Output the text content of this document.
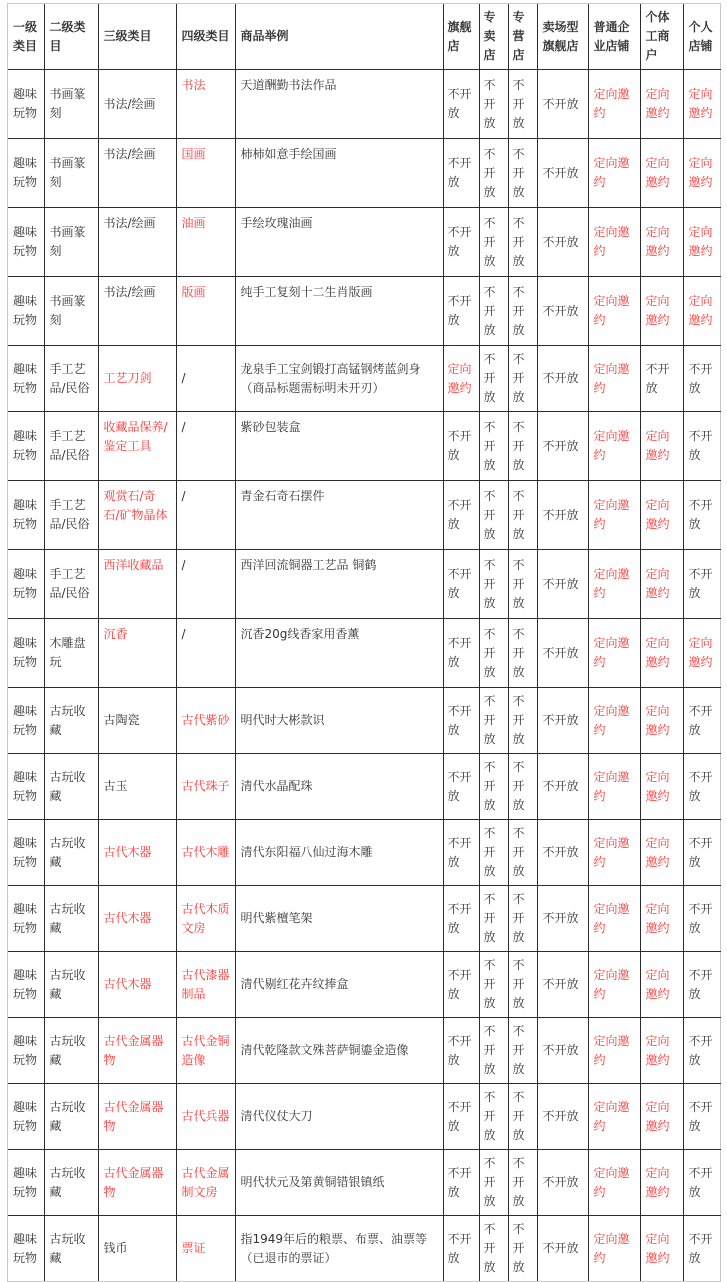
一级类目	二级类目	三级类目	四级类目	商品举例	旗舰店	专卖店	专营店	卖场型旗舰店	普通企业店铺	个体工商户	个人店铺
趣味玩物	书画篆刻	书法/绘画	书法	天道酬勤书法作品	不开放	不开放	不开放	不开放	定向邀约	定向邀约	定向邀约
趣味玩物	书画篆刻	书法/绘画	国画	柿柿如意手绘国画	不开放	不开放	不开放	不开放	定向邀约	定向邀约	定向邀约
趣味玩物	书画篆刻	书法/绘画	油画	手绘玫瑰油画	不开放	不开放	不开放	不开放	定向邀约	定向邀约	定向邀约
趣味玩物	书画篆刻	书法/绘画	版画	纯手工复刻十二生肖版画	不开放	不开放	不开放	不开放	定向邀约	定向邀约	定向邀约
趣味玩物	手工艺品/民俗	工艺刀剑	/	龙泉手工宝剑锻打高锰钢烤蓝剑身（商品标题需标明未开刃）	定向邀约	不开放	不开放	不开放	定向邀约	不开放	不开放
趣味玩物	手工艺品/民俗	收藏品保养/鉴定工具	/	紫砂包装盒	不开放	不开放	不开放	不开放	定向邀约	定向邀约	不开放
趣味玩物	手工艺品/民俗	观赏石/奇石/矿物晶体	/	青金石奇石摆件	不开放	不开放	不开放	不开放	定向邀约	定向邀约	不开放
趣味玩物	手工艺品/民俗	西洋收藏品	/	西洋回流铜器工艺品 铜鹤	不开放	不开放	不开放	不开放	定向邀约	定向邀约	不开放
趣味玩物	木雕盘玩	沉香	/	沉香20g线香家用香薰	不开放	不开放	不开放	不开放	定向邀约	定向邀约	定向邀约
趣味玩物	古玩收藏	古陶瓷	古代紫砂	明代时大彬款识	不开放	不开放	不开放	不开放	定向邀约	定向邀约	不开放
趣味玩物	古玩收藏	古玉	古代珠子	清代水晶配珠	不开放	不开放	不开放	不开放	定向邀约	定向邀约	不开放
趣味玩物	古玩收藏	古代木器	古代木雕	清代东阳福八仙过海木雕	不开放	不开放	不开放	不开放	定向邀约	定向邀约	不开放
趣味玩物	古玩收藏	古代木器	古代木质文房	明代紫檀笔架	不开放	不开放	不开放	不开放	定向邀约	定向邀约	不开放
趣味玩物	古玩收藏	古代木器	古代漆器制品	清代剔红花卉纹捧盒	不开放	不开放	不开放	不开放	定向邀约	定向邀约	不开放
趣味玩物	古玩收藏	古代金属器物	古代金铜造像	清代乾隆款文殊菩萨铜鎏金造像	不开放	不开放	不开放	不开放	定向邀约	定向邀约	不开放
趣味玩物	古玩收藏	古代金属器物	古代兵器	清代仪仗大刀	不开放	不开放	不开放	不开放	定向邀约	定向邀约	不开放
趣味玩物	古玩收藏	古代金属器物	古代金属制文房	明代状元及第黄铜错银镇纸	不开放	不开放	不开放	不开放	定向邀约	定向邀约	不开放
趣味玩物	古玩收藏	钱币	票证	指1949年后的粮票、布票、油票等（已退市的票证）	不开放	不开放	不开放	不开放	定向邀约	定向邀约	不开放
